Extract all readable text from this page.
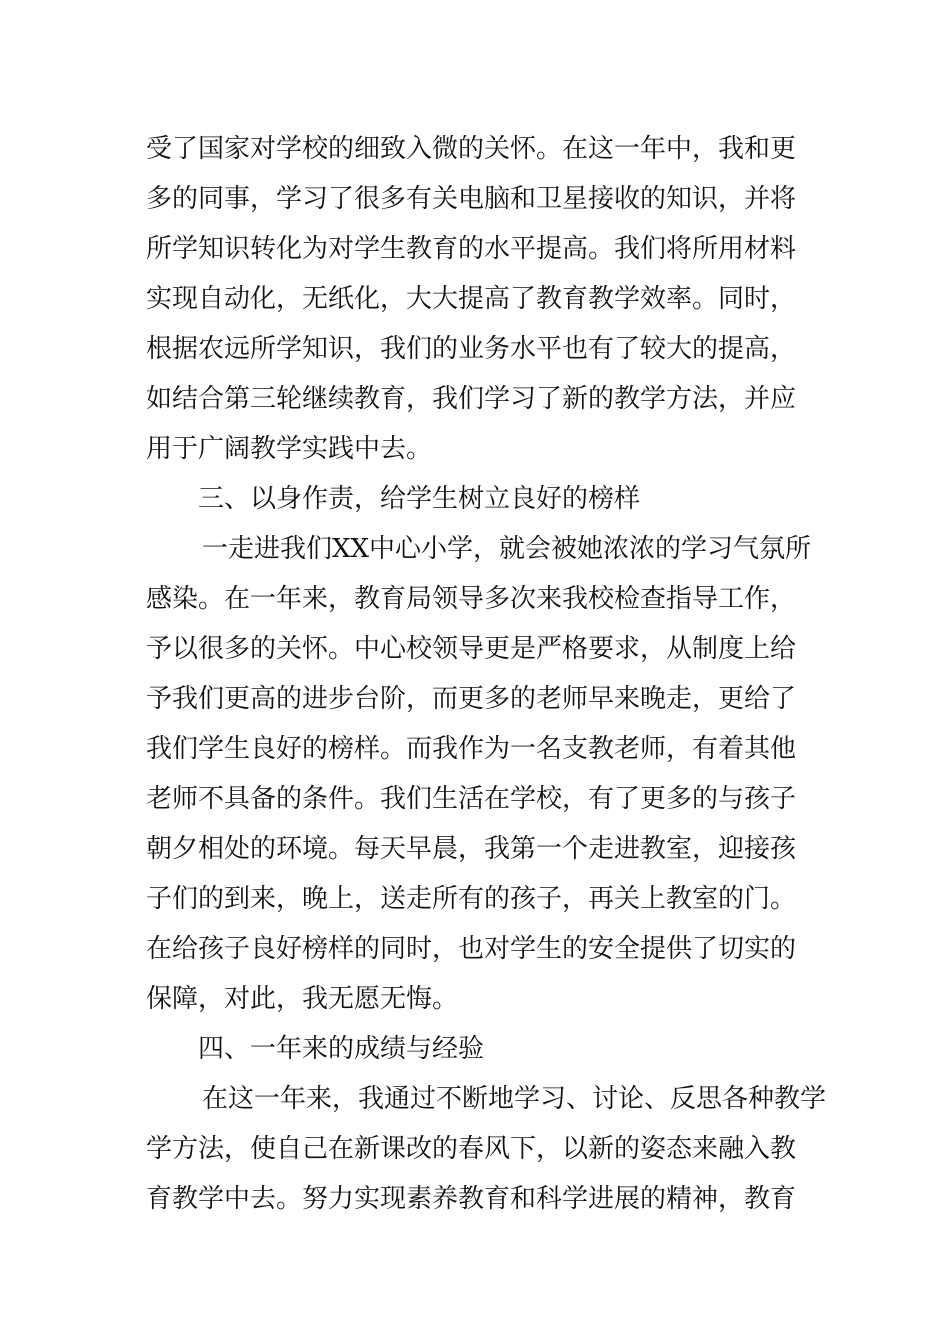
受了国家对学校的细致入微的关怀。在这一年中，我和更
多的同事，学习了很多有关电脑和卫星接收的知识，并将
所学知识转化为对学生教育的水平提高。我们将所用材料
实现自动化，无纸化，大大提高了教育教学效率。同时，
根据农远所学知识，我们的业务水平也有了较大的提高，
如结合第三轮继续教育，我们学习了新的教学方法，并应
用于广阔教学实践中去。
三、以身作责，给学生树立良好的榜样
一走进我们XX中心小学，就会被她浓浓的学习气氛所
感染。在一年来，教育局领导多次来我校检查指导工作，
予以很多的关怀。中心校领导更是严格要求，从制度上给
予我们更高的进步台阶，而更多的老师早来晚走，更给了
我们学生良好的榜样。而我作为一名支教老师，有着其他
老师不具备的条件。我们生活在学校，有了更多的与孩子
朝夕相处的环境。每天早晨，我第一个走进教室，迎接孩
子们的到来，晚上，送走所有的孩子，再关上教室的门。
在给孩子良好榜样的同时，也对学生的安全提供了切实的
保障，对此，我无愿无悔。
四、一年来的成绩与经验
在这一年来，我通过不断地学习、讨论、反思各种教学
学方法，使自己在新课改的春风下，以新的姿态来融入教
育教学中去。努力实现素养教育和科学进展的精神，教育
